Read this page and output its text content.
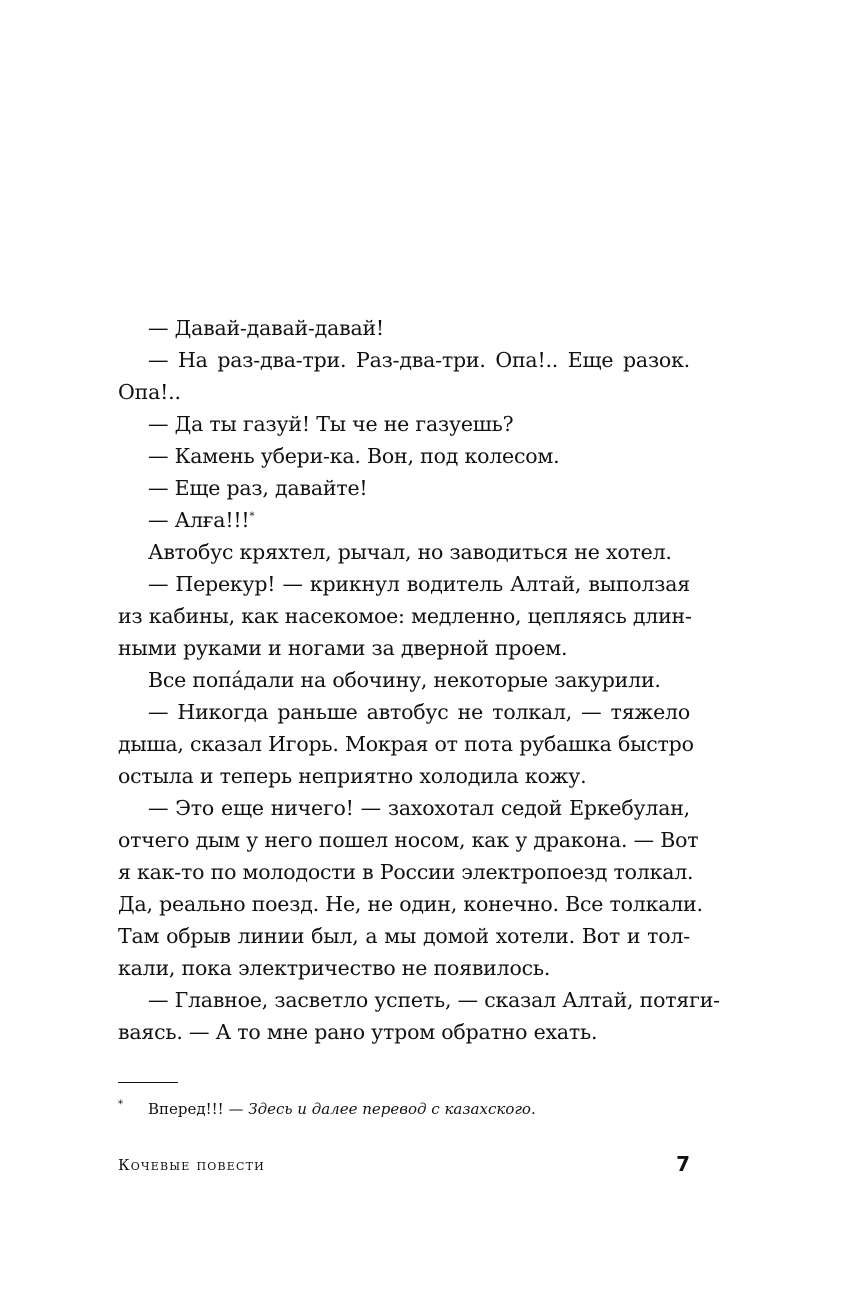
— Давай-давай-давай!
— На раз-два-три. Раз-два-три. Опа!.. Еще разок.
Опа!..
— Да ты газуй! Ты че не газуешь?
— Камень убери-ка. Вон, под колесом.
— Еще раз, давайте!
— Алға!!!*
Автобус кряхтел, рычал, но заводиться не хотел.
— Перекур! — крикнул водитель Алтай, выползая
из кабины, как насекомое: медленно, цепляясь длин-
ными руками и ногами за дверной проем.
Все попáдали на обочину, некоторые закурили.
— Никогда раньше автобус не толкал, — тяжело
дыша, сказал Игорь. Мокрая от пота рубашка быстро
остыла и теперь неприятно холодила кожу.
— Это еще ничего! — захохотал седой Еркебулан,
отчего дым у него пошел носом, как у дракона. — Вот
я как-то по молодости в России электропоезд толкал.
Да, реально поезд. Не, не один, конечно. Все толкали.
Там обрыв линии был, а мы домой хотели. Вот и тол-
кали, пока электричество не появилось.
— Главное, засветло успеть, — сказал Алтай, потяги-
ваясь. — А то мне рано утром обратно ехать.
* Вперед!!! — Здесь и далее перевод с казахского.
Кочевые повести	7
